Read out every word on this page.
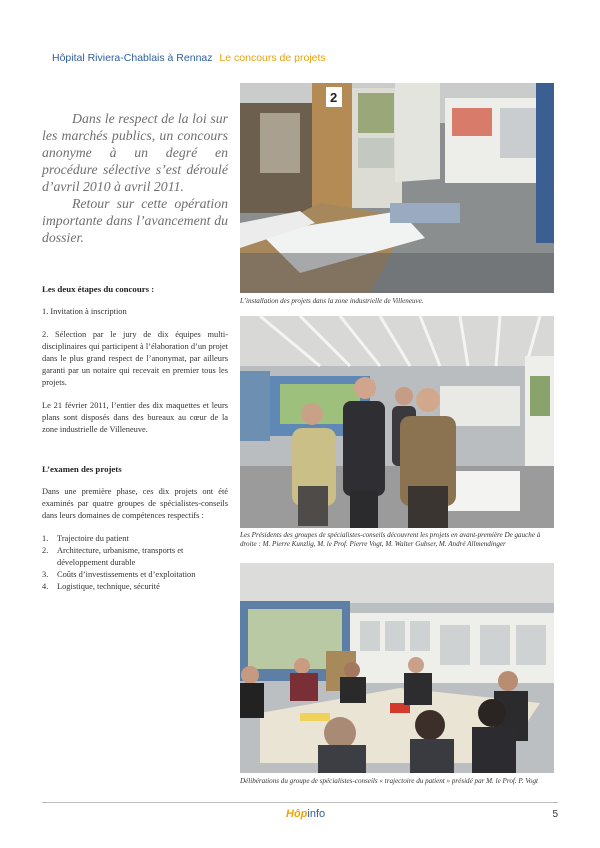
Hôpital Riviera-Chablais à Rennaz Le concours de projets

Dans le respect de la loi sur les marchés publics, un concours anonyme à un degré en procédure sélective s’est déroulé d’avril 2010 à avril 2011.

Retour sur cette opération importante dans l’avancement du dossier.

Les deux étapes du concours :

1. Invitation à inscription

2. Sélection par le jury de dix équipes multi-disciplinaires qui participent à l’élaboration d’un projet dans le plus grand respect de l’anonymat, par ailleurs garanti par un notaire qui recevait en premier tous les projets.

Le 21 février 2011, l’entier des dix maquettes et leurs plans sont disposés dans des bureaux au cœur de la zone industrielle de Villeneuve.

L’examen des projets

Dans une première phase, ces dix projets ont été examinés par quatre groupes de spécialistes-conseils dans leurs domaines de compétences respectifs :

1.	Trajectoire du patient
2.	Architecture, urbanisme, transports et développement durable
3.	Coûts d’investissements et d’exploitation
4.	Logistique, technique, sécurité
2
L’installation des projets dans la zone industrielle de Villeneuve.
Les Présidents des groupes de spécialistes-conseils découvrent les projets en avant-première De gauche à droite : M. Pierre Kunzlig, M. le Prof. Pierre Vogt, M. Walter Gubser, M. André Allmendinger
Délibérations du groupe de spécialistes-conseils « trajectoire du patient » présidé par M. le Prof. P. Vogt
Hôpinfo	5
